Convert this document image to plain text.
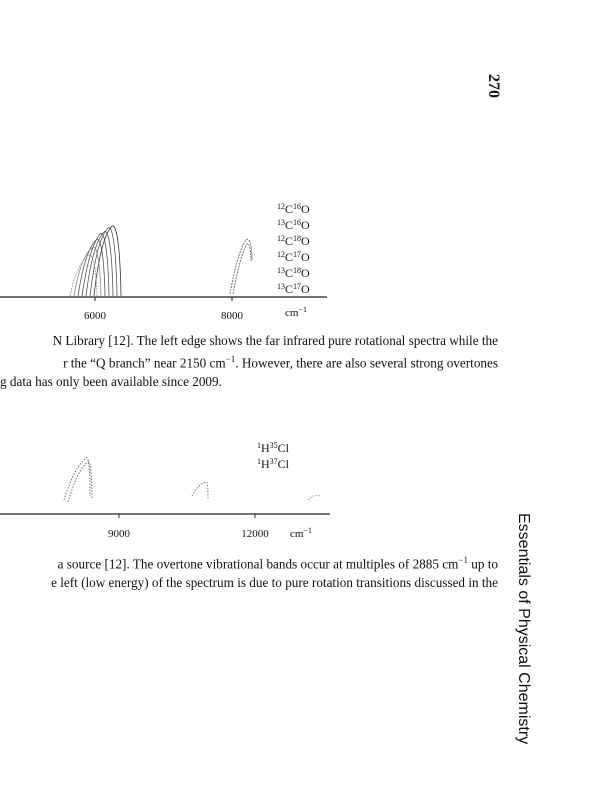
270
Essentials of Physical Chemistry
6000	8000	$cm^{-1}$
$^{12}C^{16}O$
$^{13}C^{16}O$
$^{12}C^{18}O$
$^{12}C^{17}O$
$^{13}C^{18}O$
$^{13}C^{17}O$
N Library [12]. The left edge shows the far infrared pure rotational spectra while the
r the “Q branch” near 2150 $cm^{-1}$. However, there are also several strong overtones
g data has only been available since 2009.
9000	12000 $cm^{-1}$
$^1H^{35}Cl$
$^1H^{37}Cl$
a source [12]. The overtone vibrational bands occur at multiples of 2885 $cm^{-1}$ up to
e left (low energy) of the spectrum is due to pure rotation transitions discussed in the
